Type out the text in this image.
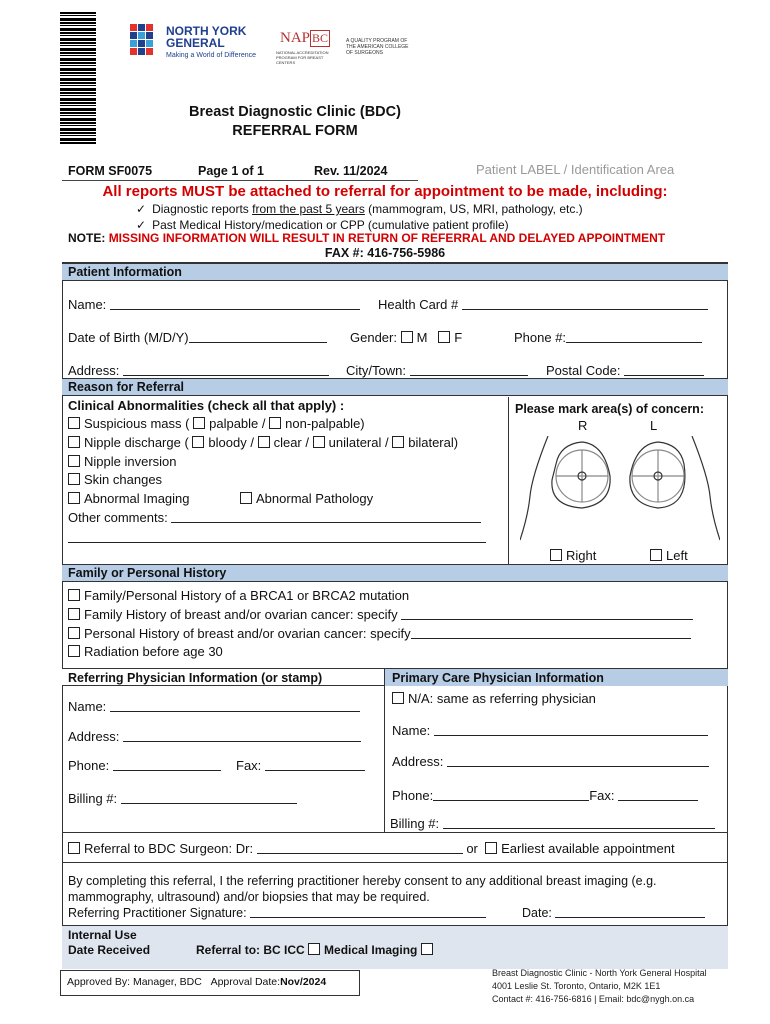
NORTH YORK
GENERAL
Making a World of Difference
NAP BC
NATIONAL ACCREDITATION PROGRAM FOR BREAST CENTERS
A QUALITY PROGRAM OF THE AMERICAN COLLEGE OF SURGEONS
Breast Diagnostic Clinic (BDC)
REFERRAL FORM
FORM SF0075	Page 1 of 1	Rev. 11/2024	Patient LABEL / Identification Area
All reports MUST be attached to referral for appointment to be made, including:
✓ Diagnostic reports from the past 5 years (mammogram, US, MRI, pathology, etc.)
✓ Past Medical History/medication or CPP (cumulative patient profile)
NOTE: MISSING INFORMATION WILL RESULT IN RETURN OF REFERRAL AND DELAYED APPOINTMENT
FAX #: 416-756-5986
Patient Information
Name:	Health Card #
Date of Birth (M/D/Y)	Gender: M F	Phone #:
Address:	City/Town:	Postal Code:
Reason for Referral
Clinical Abnormalities (check all that apply) :
Suspicious mass ( palpable / non-palpable)
Nipple discharge ( bloody / clear / unilateral / bilateral)
Nipple inversion
Skin changes
Abnormal Imaging	Abnormal Pathology
Other comments:
Please mark area(s) of concern:
R	L
Right	Left
Family or Personal History
Family/Personal History of a BRCA1 or BRCA2 mutation
Family History of breast and/or ovarian cancer: specify
Personal History of breast and/or ovarian cancer: specify
Radiation before age 30
Referring Physician Information (or stamp)	Primary Care Physician Information
Name:
Address:
Phone:	Fax:
Billing #:
N/A: same as referring physician
Name:
Address:
Phone:	Fax:
Billing #:
Referral to BDC Surgeon: Dr:	or Earliest available appointment
By completing this referral, I the referring practitioner hereby consent to any additional breast imaging (e.g. mammography, ultrasound) and/or biopsies that may be required.
Referring Practitioner Signature:	Date:
Internal Use
Date Received	Referral to: BC ICC Medical Imaging
Approved By: Manager, BDC Approval Date:Nov/2024
Breast Diagnostic Clinic - North York General Hospital
4001 Leslie St. Toronto, Ontario, M2K 1E1
Contact #: 416-756-6816 | Email: bdc@nygh.on.ca
